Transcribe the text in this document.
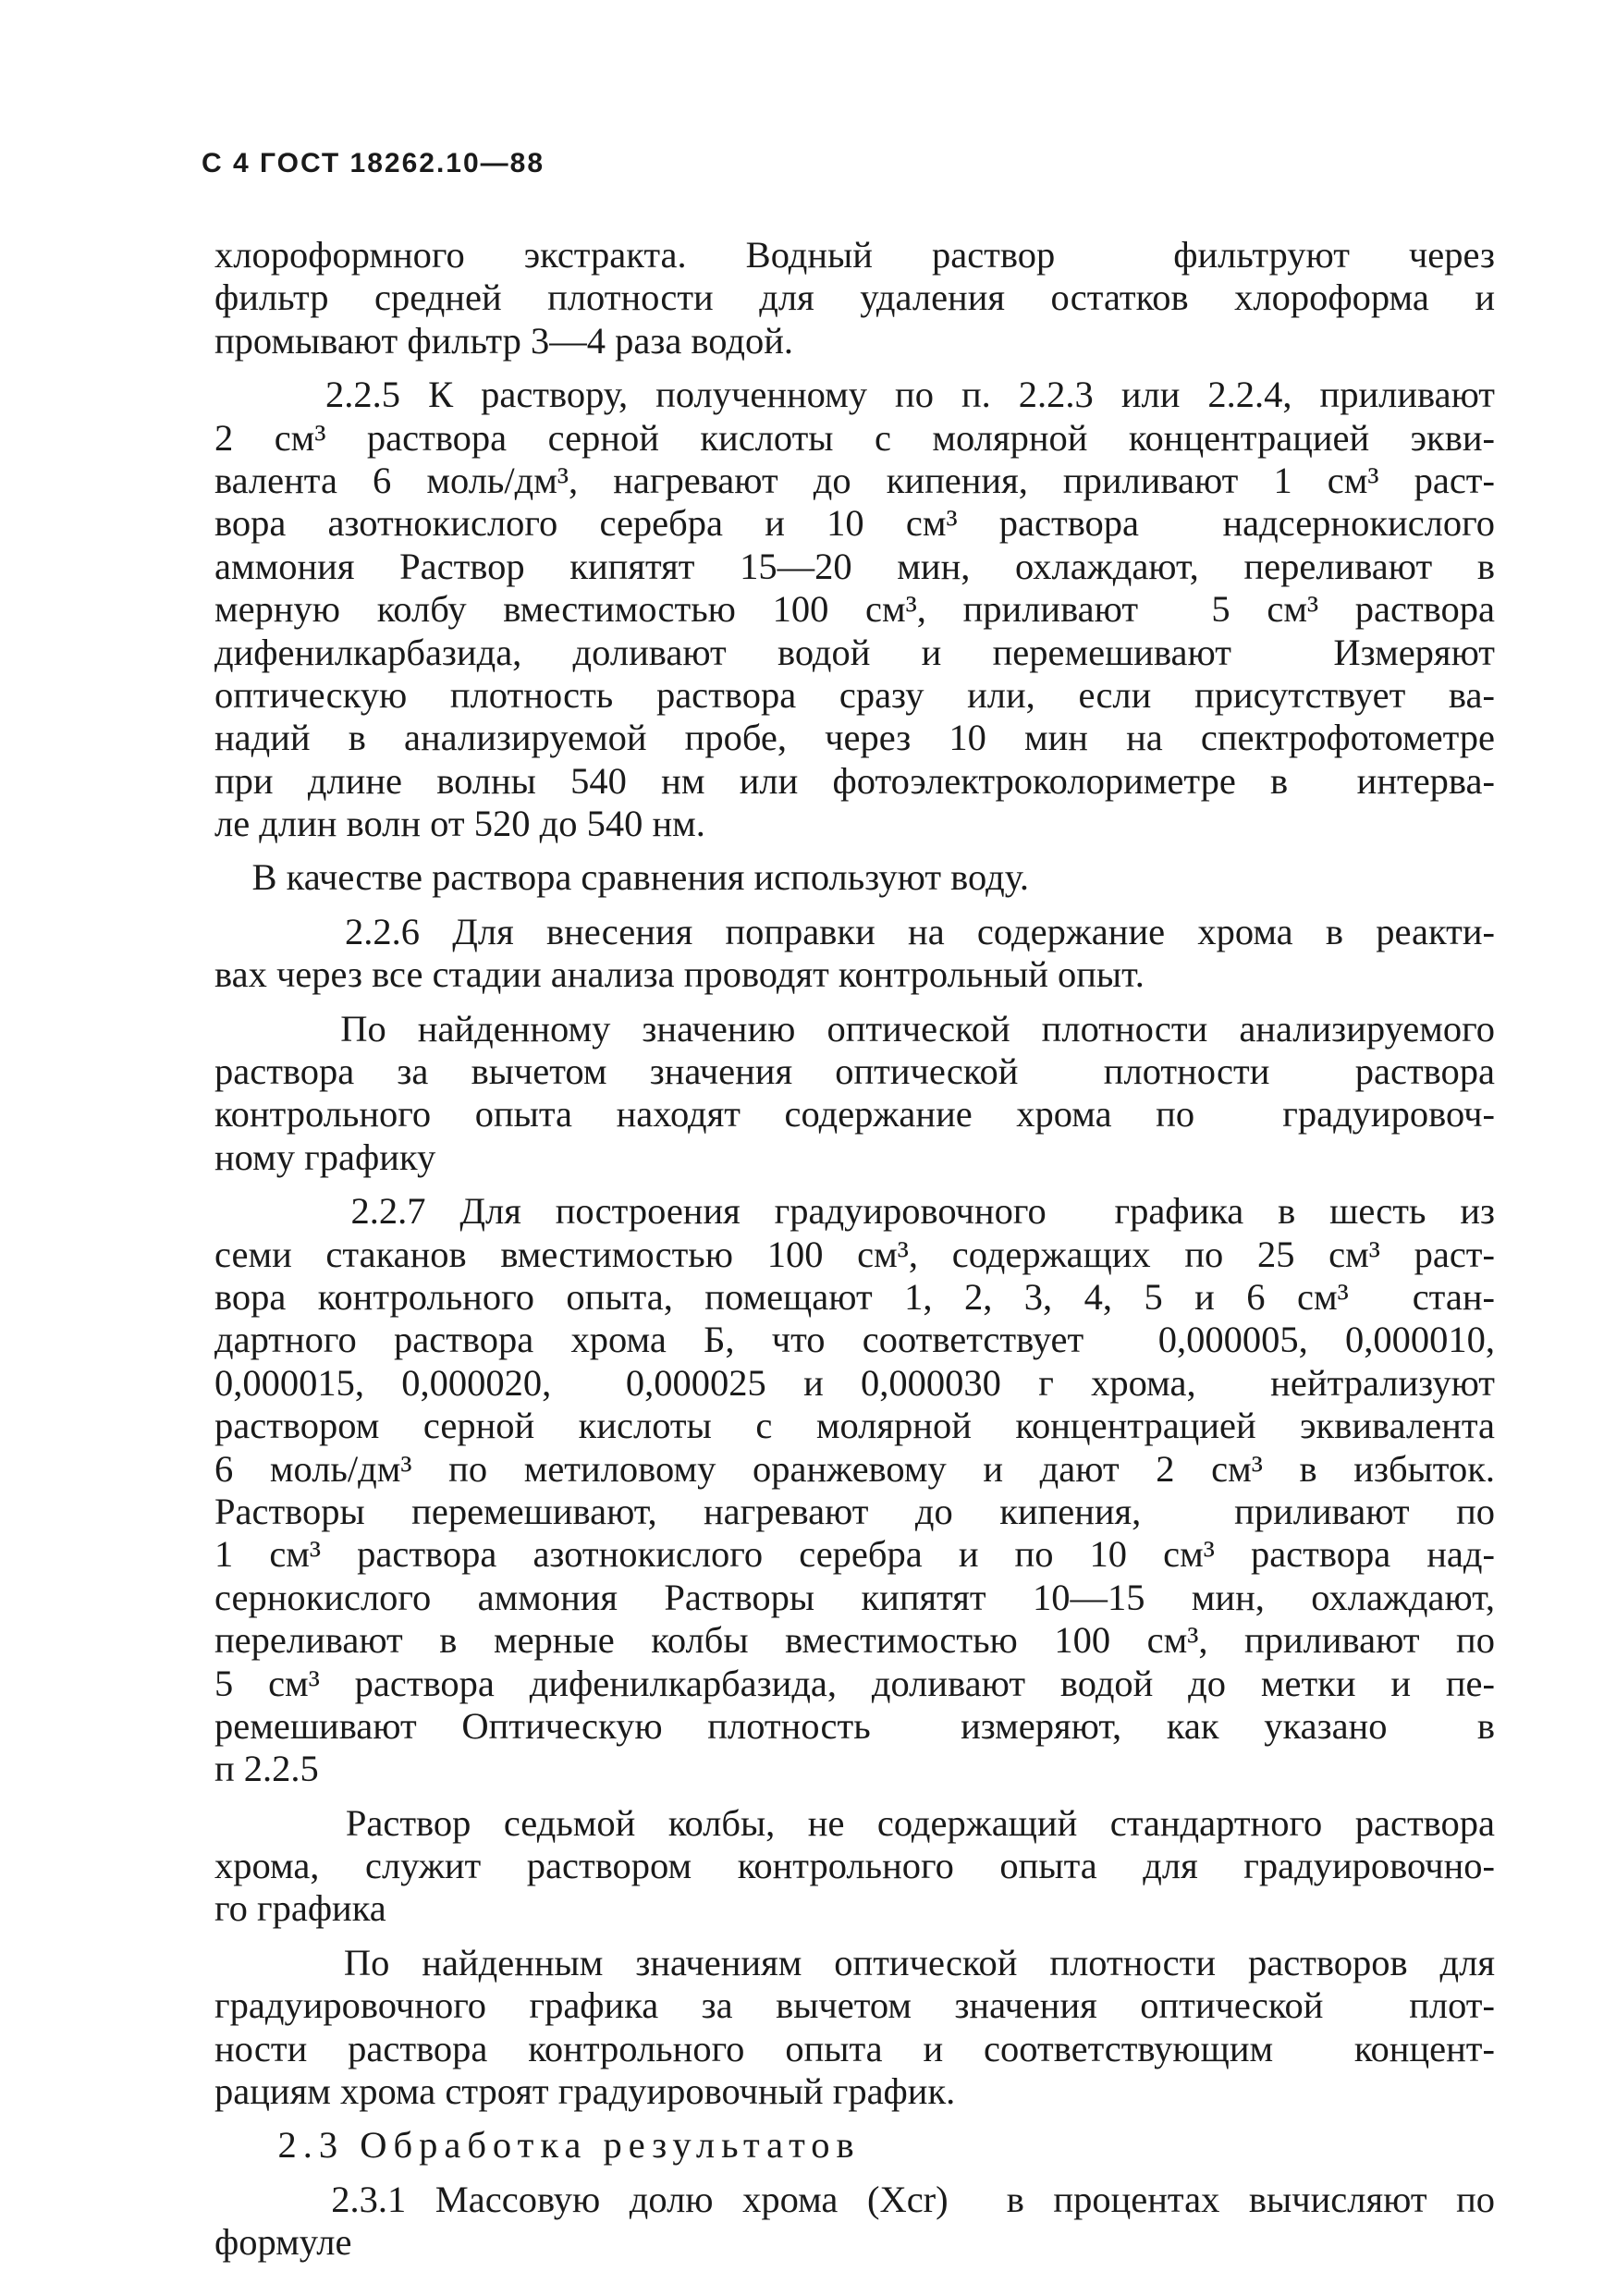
С 4 ГОСТ 18262.10—88
хлороформного экстракта. Водный раствор  фильтруют через
фильтр средней плотности для удаления остатков хлороформа и
промывают фильтр 3—4 раза водой.
2.2.5 К раствору, полученному по п. 2.2.3 или 2.2.4, приливают
2 см³ раствора серной кислоты с молярной концентрацией экви-
валента 6 моль/дм³, нагревают до кипения, приливают 1 см³ раст-
вора азотнокислого серебра и 10 см³ раствора  надсернокислого
аммония Раствор кипятят 15—20 мин, охлаждают, переливают в
мерную колбу вместимостью 100 см³, приливают  5 см³ раствора
дифенилкарбазида, доливают водой и перемешивают  Измеряют
оптическую плотность раствора сразу или, если присутствует ва-
надий в анализируемой пробе, через 10 мин на спектрофотометре
при длине волны 540 нм или фотоэлектроколориметре в  интерва-
ле длин волн от 520 до 540 нм.
В качестве раствора сравнения используют воду.
2.2.6 Для внесения поправки на содержание хрома в реакти-
вах через все стадии анализа проводят контрольный опыт.
По найденному значению оптической плотности анализируемого
раствора за вычетом значения оптической  плотности  раствора
контрольного опыта находят содержание хрома по  градуировоч-
ному графику
2.2.7 Для построения градуировочного  графика в шесть из
семи стаканов вместимостью 100 см³, содержащих по 25 см³ раст-
вора контрольного опыта, помещают 1, 2, 3, 4, 5 и 6 см³  стан-
дартного раствора хрома Б, что соответствует  0,000005, 0,000010,
0,000015, 0,000020,  0,000025 и 0,000030 г хрома,  нейтрализуют
раствором серной кислоты с молярной концентрацией эквивалента
6 моль/дм³ по метиловому оранжевому и дают 2 см³ в избыток.
Растворы перемешивают, нагревают до кипения,  приливают по
1 см³ раствора азотнокислого серебра и по 10 см³ раствора над-
сернокислого аммония Растворы кипятят 10—15 мин, охлаждают,
переливают в мерные колбы вместимостью 100 см³, приливают по
5 см³ раствора дифенилкарбазида, доливают водой до метки и пе-
ремешивают Оптическую плотность  измеряют, как указано  в
п 2.2.5
Раствор седьмой колбы, не содержащий стандартного раствора
хрома, служит раствором контрольного опыта для градуировочно-
го графика
По найденным значениям оптической плотности растворов для
градуировочного графика за вычетом значения оптической  плот-
ности раствора контрольного опыта и соответствующим  концент-
рациям хрома строят градуировочный график.
2.3 Обработка результатов
2.3.1 Массовую долю хрома (Xcr)  в процентах вычисляют по
формуле
